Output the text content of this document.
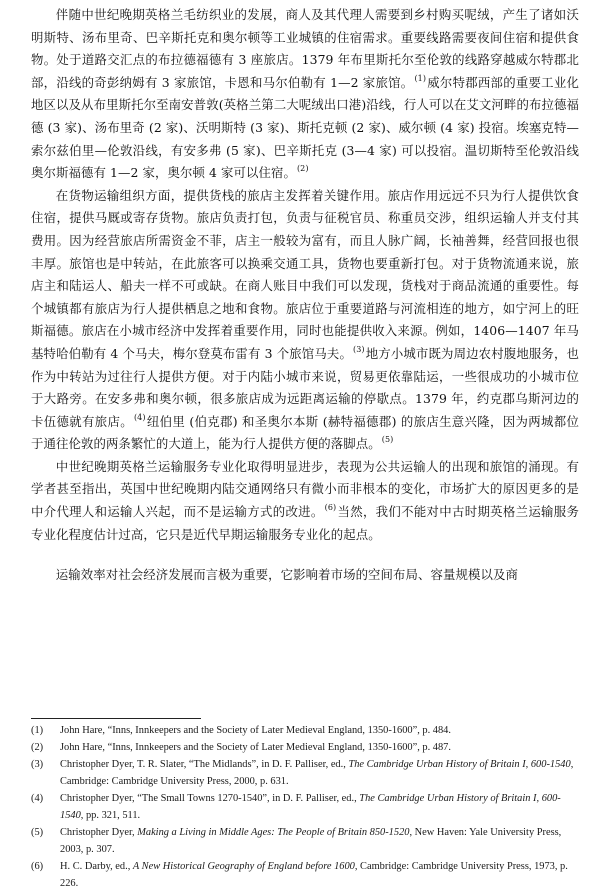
伴随中世纪晚期英格兰毛纺织业的发展，商人及其代理人需要到乡村购买呢绒，产生了诸如沃明斯特、汤布里奇、巴辛斯托克和奥尔顿等工业城镇的住宿需求。重要线路需要夜间住宿和提供食物。处于道路交汇点的布拉德福德有 3 座旅店。1379 年布里斯托尔至伦敦的线路穿越威尔特郡北部，沿线的奇彭纳姆有 3 家旅馆，卡恩和马尔伯勒有 1—2 家旅馆。$^{(1)}$威尔特郡西部的重要工业化地区以及从布里斯托尔至南安普敦(英格兰第二大呢绒出口港)沿线，行人可以在艾文河畔的布拉德福德 (3 家)、汤布里奇 (2 家)、沃明斯特 (3 家)、斯托克顿 (2 家)、威尔顿 (4 家) 投宿。埃塞克特—索尔兹伯里—伦敦沿线，有安多弗 (5 家)、巴辛斯托克 (3—4 家) 可以投宿。温切斯特至伦敦沿线奥尔斯福德有 1—2 家，奥尔顿 4 家可以住宿。$^{(2)}$

在货物运输组织方面，提供货栈的旅店主发挥着关键作用。旅店作用远远不只为行人提供饮食住宿，提供马厩或寄存货物。旅店负责打包，负责与征税官员、称重员交涉，组织运输人并支付其费用。因为经营旅店所需资金不菲，店主一般较为富有，而且人脉广阔，长袖善舞，经营回报也很丰厚。旅馆也是中转站，在此旅客可以换乘交通工具，货物也要重新打包。对于货物流通来说，旅店主和陆运人、船夫一样不可或缺。在商人账目中我们可以发现，货栈对于商品流通的重要性。每个城镇都有旅店为行人提供栖息之地和食物。旅店位于重要道路与河流相连的地方，如宁河上的旺斯福德。旅店在小城市经济中发挥着重要作用，同时也能提供收入来源。例如，1406—1407 年马基特哈伯勒有 4 个马夫，梅尔登莫布雷有 3 个旅馆马夫。$^{(3)}$地方小城市既为周边农村腹地服务，也作为中转站为过往行人提供方便。对于内陆小城市来说，贸易更依靠陆运，一些很成功的小城市位于大路旁。在安多弗和奥尔顿，很多旅店成为远距离运输的停歇点。1379 年，约克郡乌斯河边的卡伍德就有旅店。$^{(4)}$纽伯里 (伯克郡) 和圣奥尔本斯 (赫特福德郡) 的旅店生意兴隆，因为两城都位于通往伦敦的两条繁忙的大道上，能为行人提供方便的落脚点。$^{(5)}$

中世纪晚期英格兰运输服务专业化取得明显进步，表现为公共运输人的出现和旅馆的涌现。有学者甚至指出，英国中世纪晚期内陆交通网络只有微小而非根本的变化，市场扩大的原因更多的是中介代理人和运输人兴起，而不是运输方式的改进。$^{(6)}$当然，我们不能对中古时期英格兰运输服务专业化程度估计过高，它只是近代早期运输服务专业化的起点。

运输效率对社会经济发展而言极为重要，它影响着市场的空间布局、容量规模以及商

(1) John Hare, “Inns, Innkeepers and the Society of Later Medieval England, 1350-1600”, p. 484.

(2) John Hare, “Inns, Innkeepers and the Society of Later Medieval England, 1350-1600”, p. 487.

(3) Christopher Dyer, T. R. Slater, “The Midlands”, in D. F. Palliser, ed., The Cambridge Urban History of Britain I, 600-1540, Cambridge: Cambridge University Press, 2000, p. 631.

(4) Christopher Dyer, “The Small Towns 1270-1540”, in D. F. Palliser, ed., The Cambridge Urban History of Britain I, 600-1540, pp. 321, 511.

(5) Christopher Dyer, Making a Living in Middle Ages: The People of Britain 850-1520, New Haven: Yale University Press, 2003, p. 307.

(6) H. C. Darby, ed., A New Historical Geography of England before 1600, Cambridge: Cambridge University Press, 1973, p. 226.
